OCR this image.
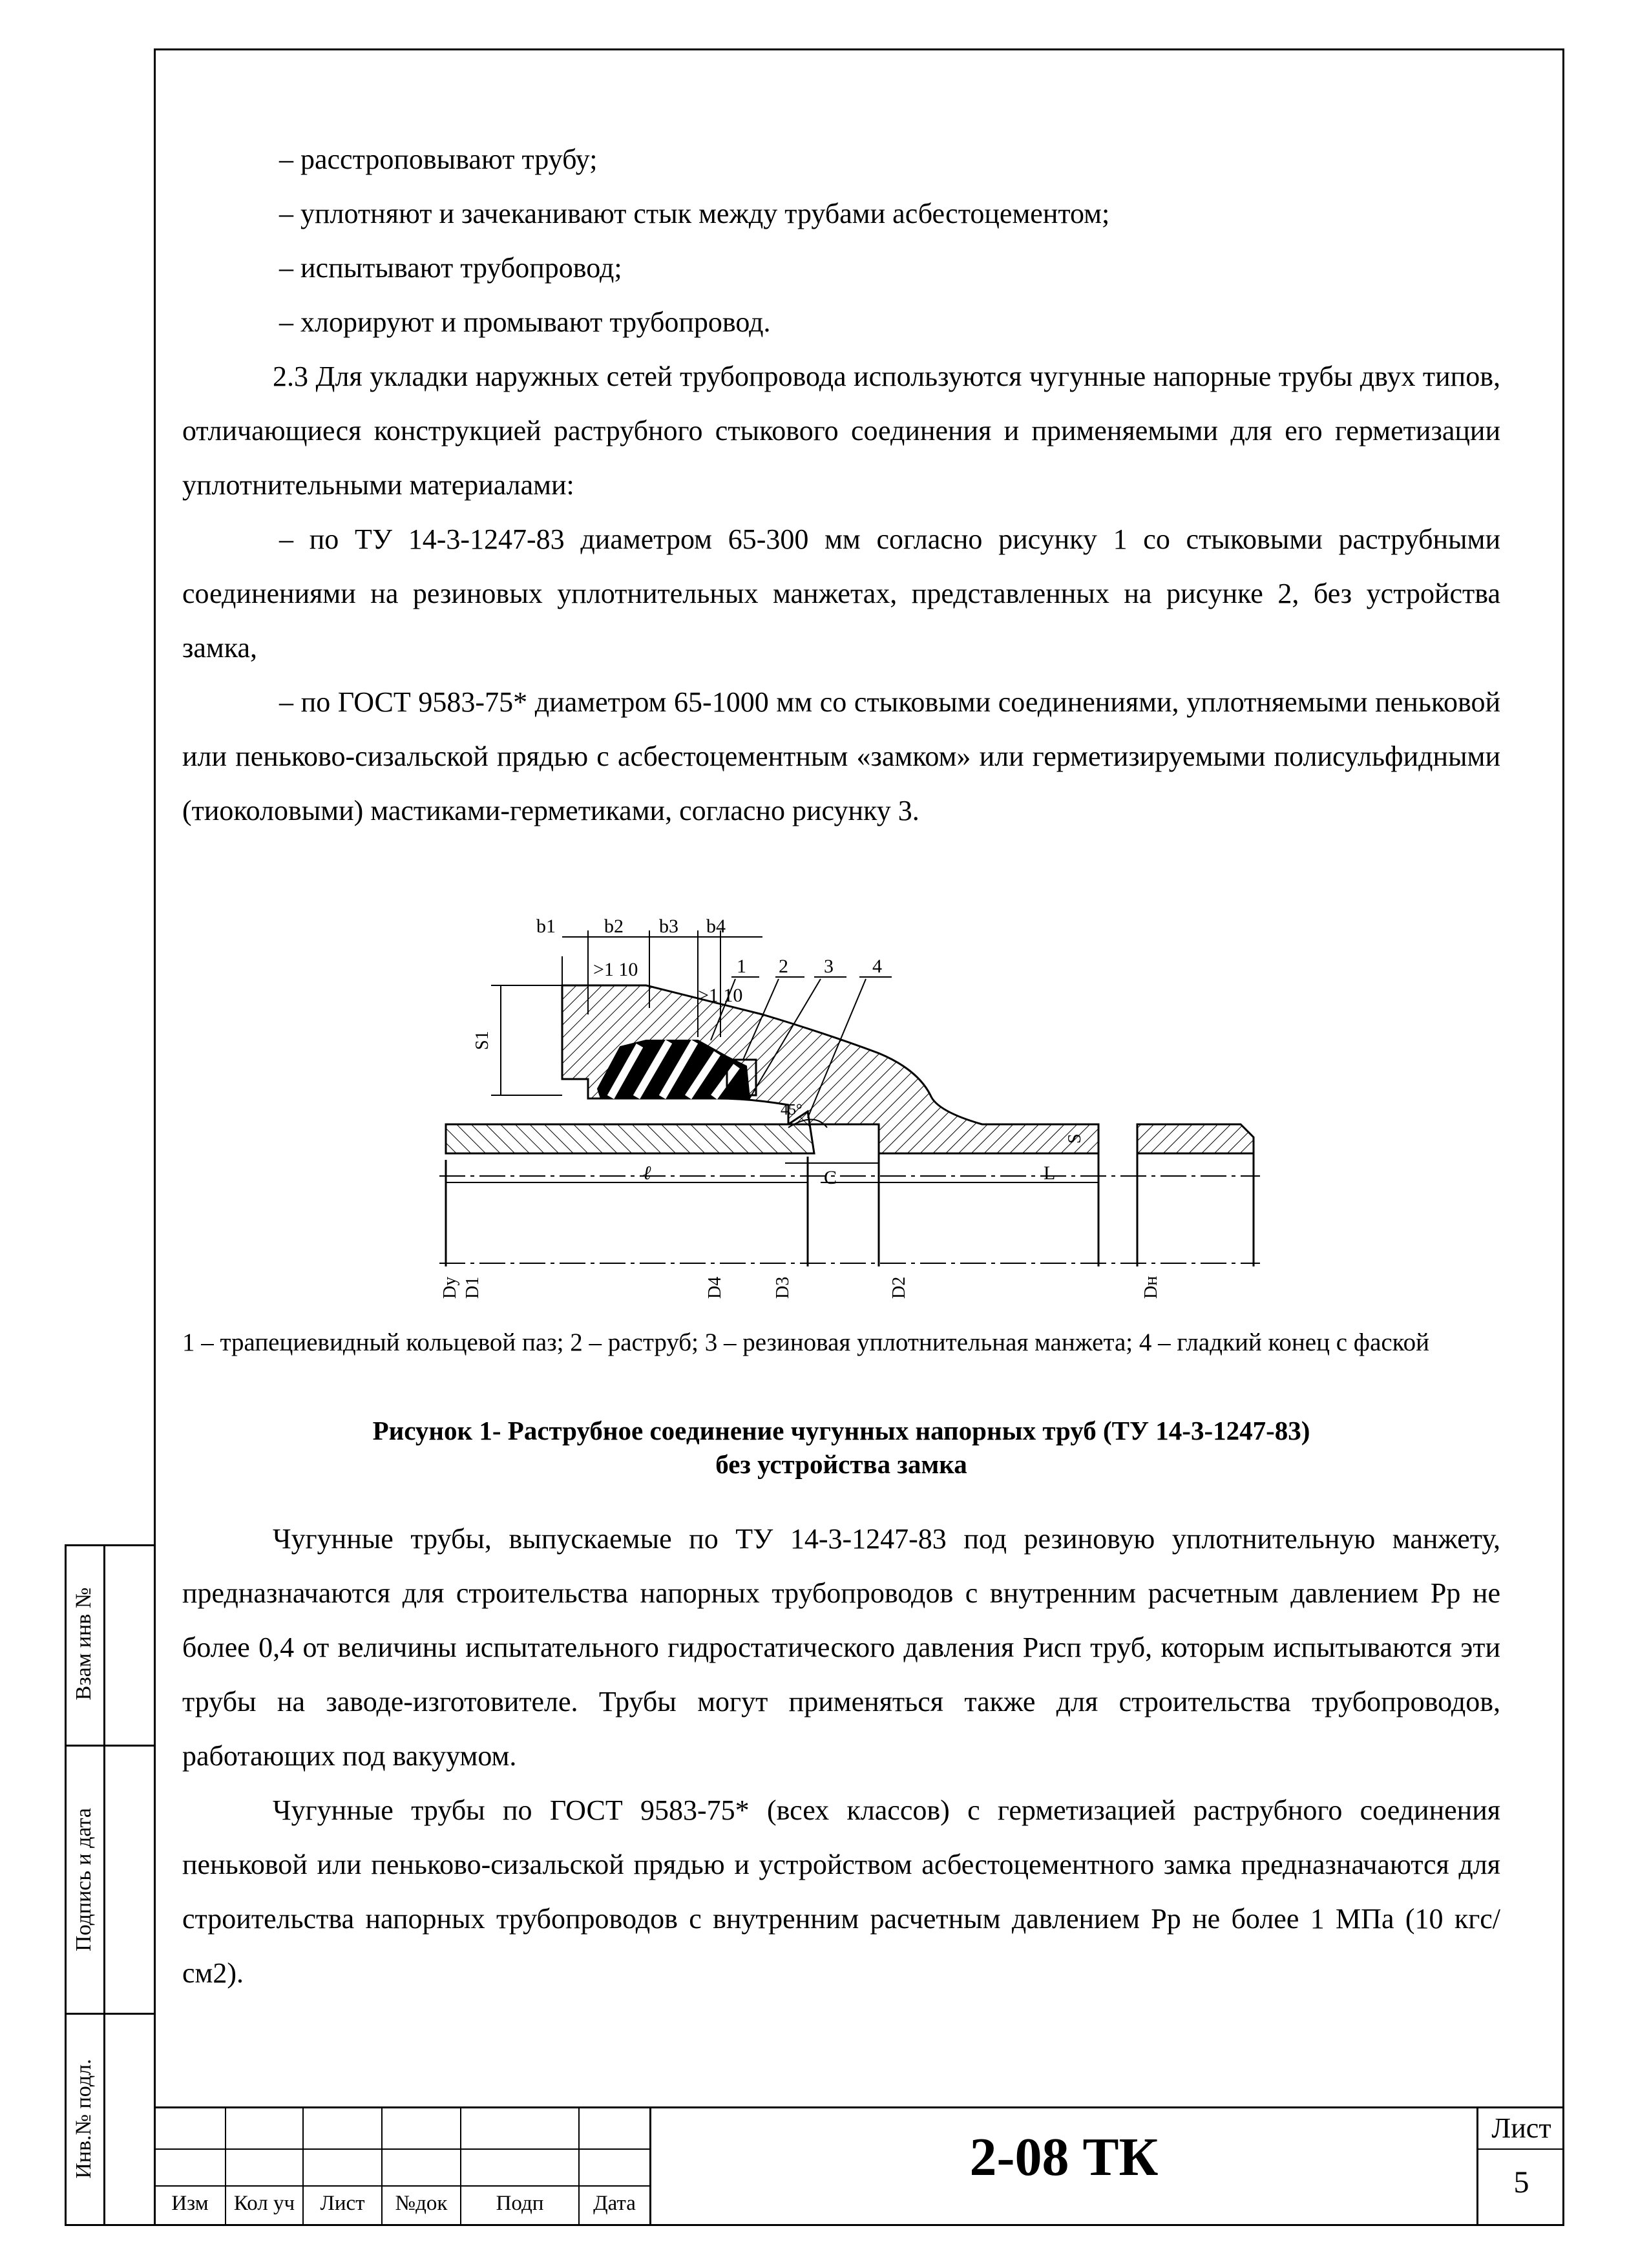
– расстроповывают трубу;

– уплотняют и зачеканивают стык между трубами асбестоцементом;

– испытывают трубопровод;

– хлорируют и промывают трубопровод.

2.3 Для укладки наружных сетей трубопровода используются чугунные напорные трубы двух типов, отличающиеся конструкцией раструбного стыкового соединения и применяемыми для его герметизации уплотнительными материалами:

– по ТУ 14-3-1247-83 диаметром 65-300 мм согласно рисунку 1 со стыковыми раструбными соединениями на резиновых уплотнительных манжетах, представленных на рисунке 2, без устройства замка,

– по ГОСТ 9583-75* диаметром 65-1000 мм со стыковыми соединениями, уплотняемыми пеньковой или пеньково-сизальской прядью с асбестоцементным «замком» или герметизируемыми полисульфидными (тиоколовыми) мастиками-герметиками, согласно рисунку 3.

b1	b2 b3 b4
>1 10
>1 10
1 2 3 4
45°
C
ℓ	L
S1
S
Dу D1	D4	D3	D2	Dн
1 – трапециевидный кольцевой паз; 2 – раструб; 3 – резиновая уплотнительная манжета; 4 – гладкий конец с фаской
Рисунок 1- Раструбное соединение чугунных напорных труб (ТУ 14-3-1247-83)
без устройства замка

Чугунные трубы, выпускаемые по ТУ 14-3-1247-83 под резиновую уплотнительную манжету, предназначаются для строительства напорных трубопроводов с внутренним расчетным давлением Pр не более 0,4 от величины испытательного гидростатического давления Pисп труб, которым испытываются эти трубы на заводе-изготовителе. Трубы могут применяться также для строительства трубопроводов, работающих под вакуумом.

Чугунные трубы по ГОСТ 9583-75* (всех классов) с герметизацией раструбного соединения пеньковой или пеньково-сизальской прядью и устройством асбестоцементного замка предназначаются для строительства напорных трубопроводов с внутренним расчетным давлением Pр не более 1 МПа (10 кгс/см2).

Взам инв №
Подпись и дата
Инв.№ подл.
Изм	Кол уч	Лист	№док	Подп	Дата
2-08 ТК	Лист
5
